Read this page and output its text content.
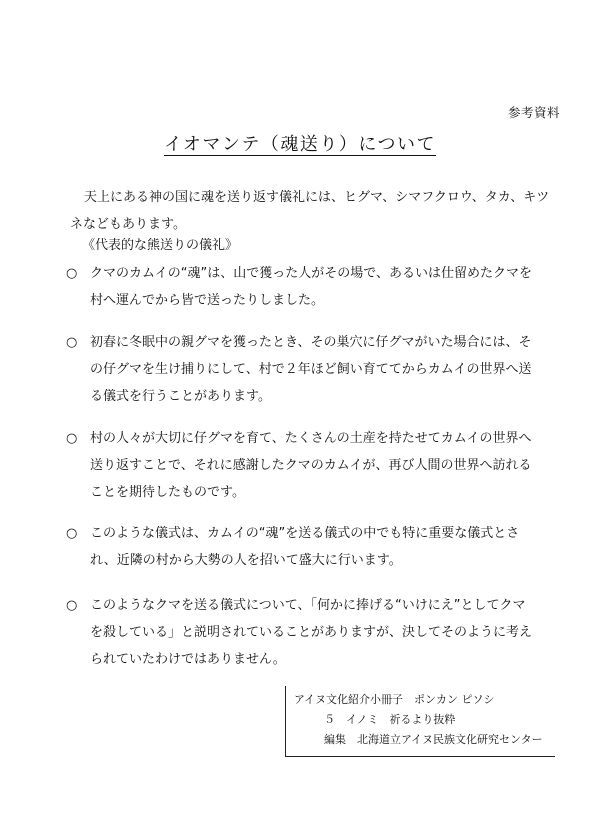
参考資料
イオマンテ（魂送り）について
天上にある神の国に魂を送り返す儀礼には、ヒグマ、シマフクロウ、タカ、キツネなどもあります。
《代表的な熊送りの儀礼》
○ クマのカムイの“魂”は、山で獲った人がその場で、あるいは仕留めたクマを村へ運んでから皆で送ったりしました。
○ 初春に冬眠中の親グマを獲ったとき、その巣穴に仔グマがいた場合には、その仔グマを生け捕りにして、村で２年ほど飼い育ててからカムイの世界へ送る儀式を行うことがあります。
○ 村の人々が大切に仔グマを育て、たくさんの土産を持たせてカムイの世界へ送り返すことで、それに感謝したクマのカムイが、再び人間の世界へ訪れることを期待したものです。
○ このような儀式は、カムイの“魂”を送る儀式の中でも特に重要な儀式とされ、近隣の村から大勢の人を招いて盛大に行います。
○ このようなクマを送る儀式について、「何かに捧げる“いけにえ”としてクマを殺している」と説明されていることがありますが、決してそのように考えられていたわけではありません。
アイヌ文化紹介小冊子　ポンカン ピソシ
５　イノミ　祈るより抜粋
編集　北海道立アイヌ民族文化研究センター
